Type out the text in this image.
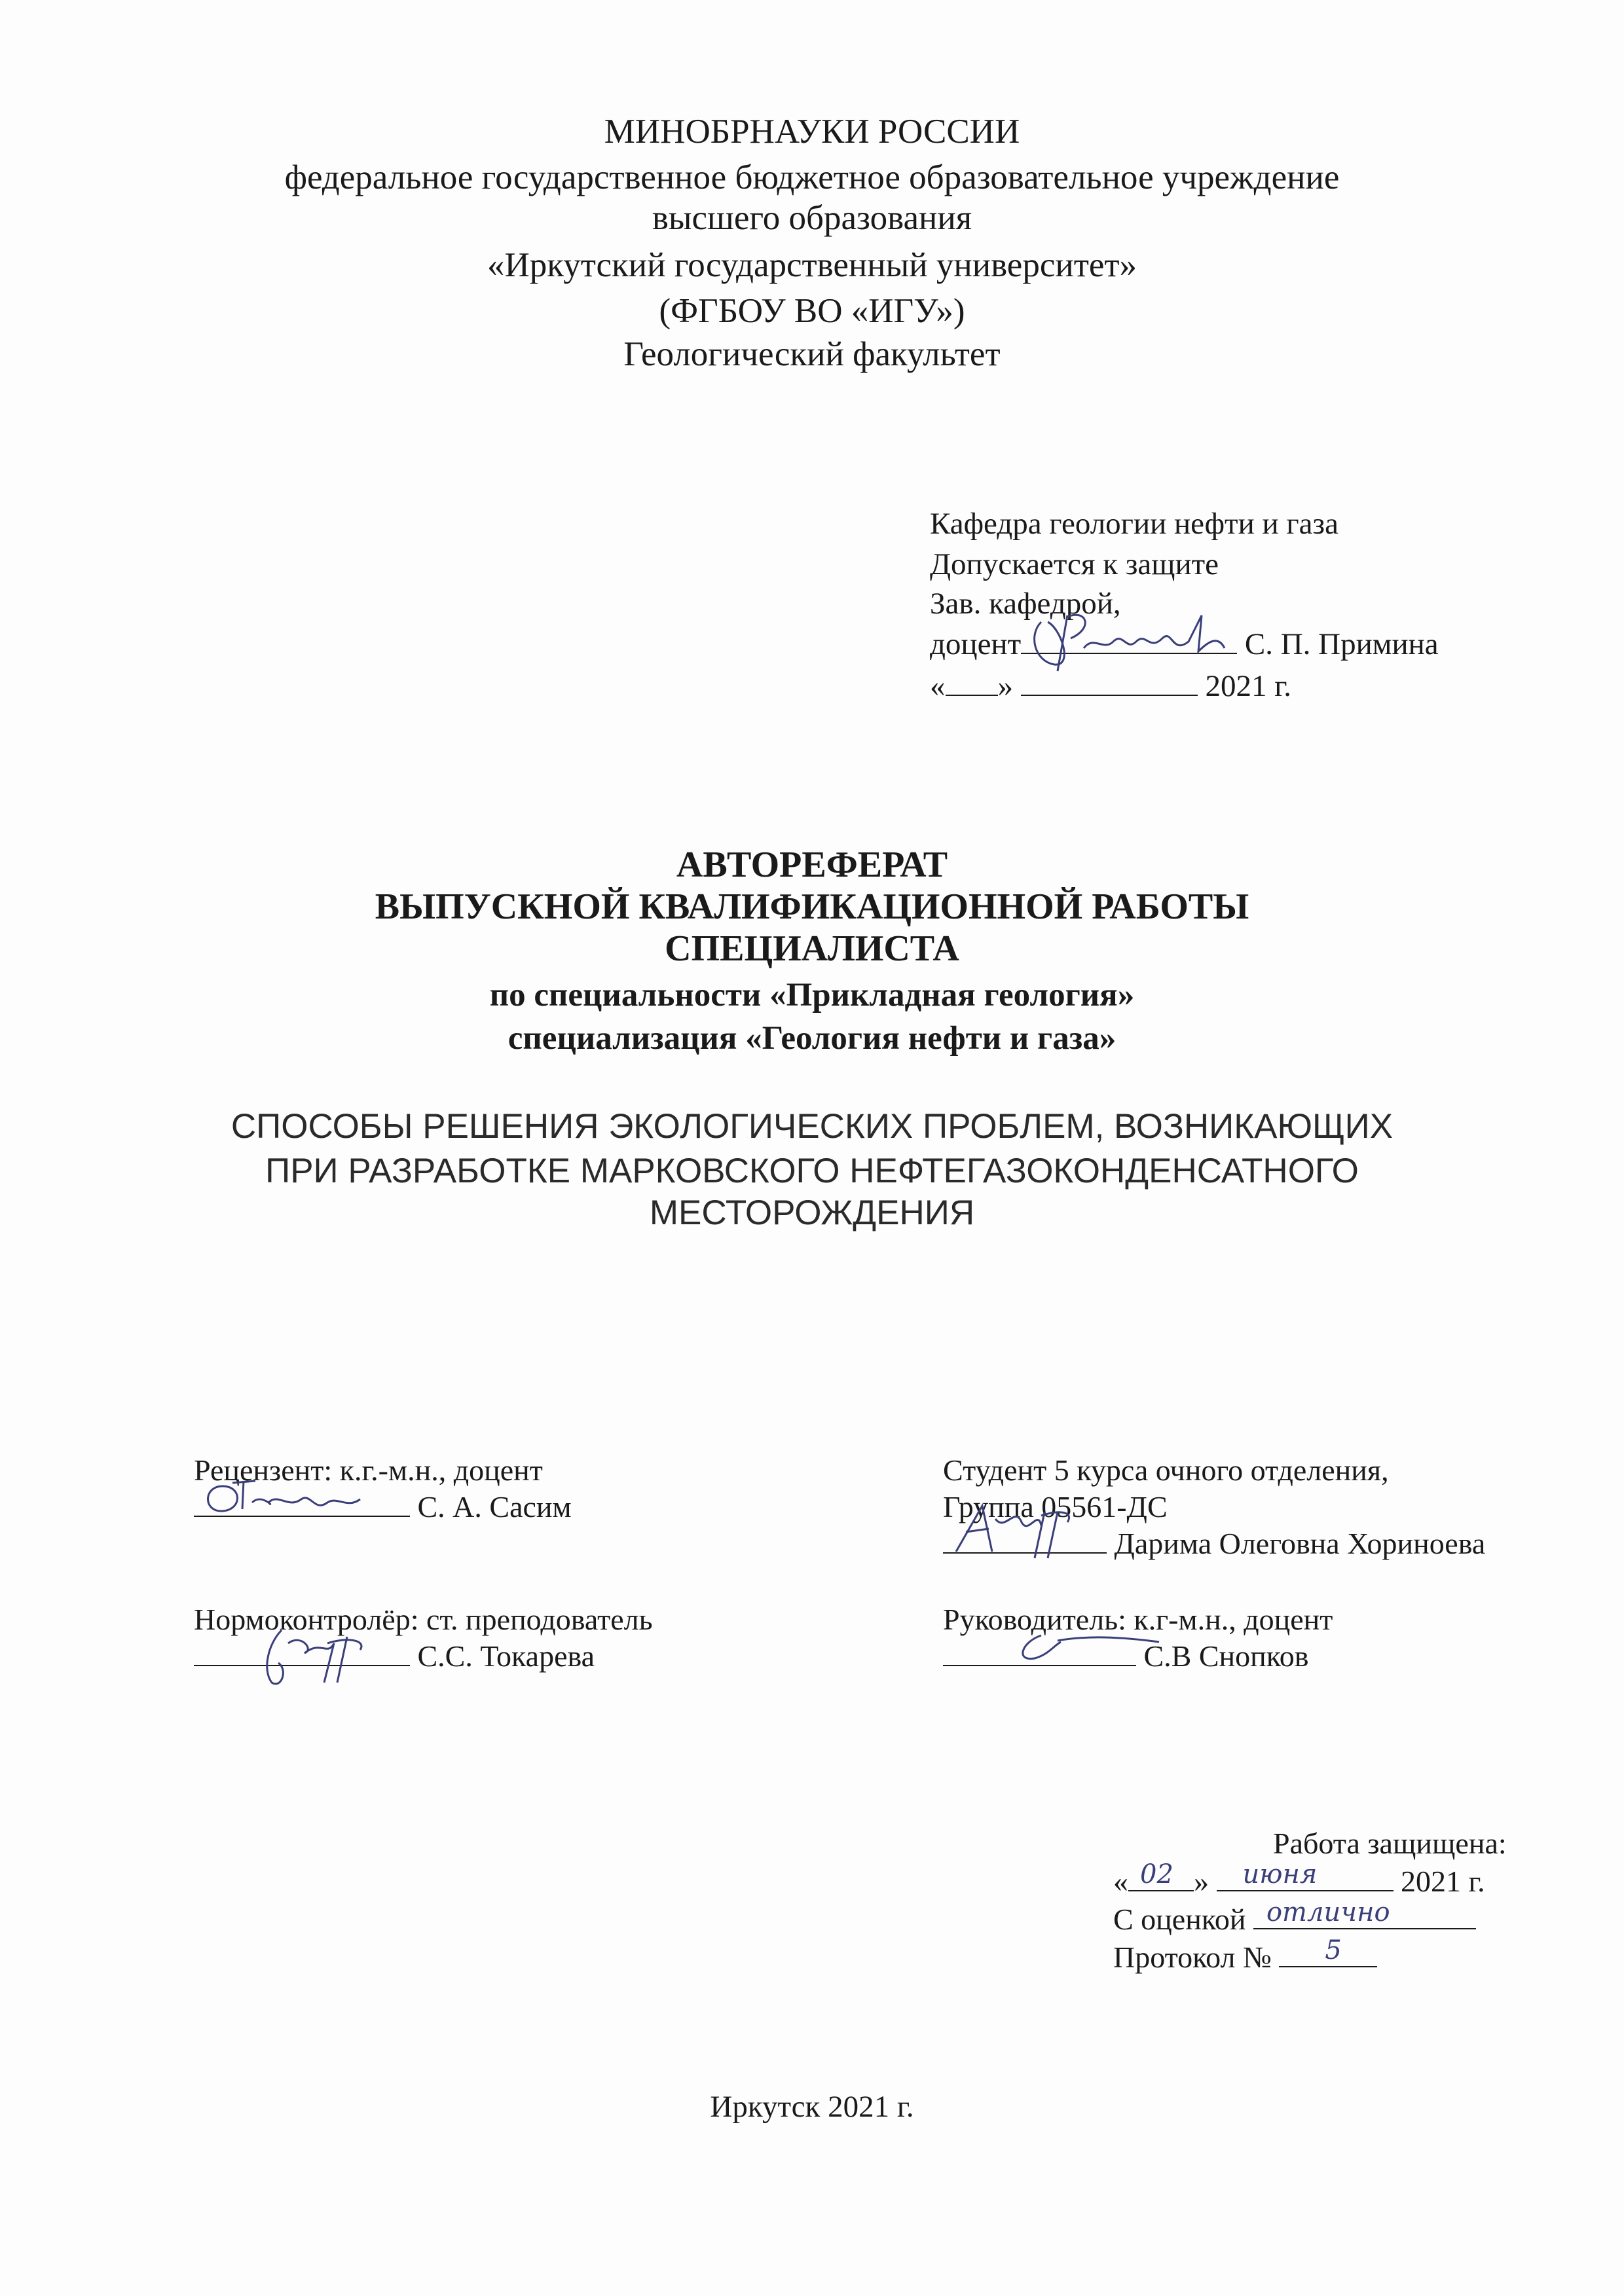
МИНОБРНАУКИ РОССИИ
федеральное государственное бюджетное образовательное учреждение
высшего образования
«Иркутский государственный университет»
(ФГБОУ ВО «ИГУ»)
Геологический факультет
Кафедра геологии нефти и газа
Допускается к защите
Зав. кафедрой,
доцент	С. П. Примина
« »	2021 г.
АВТОРЕФЕРАТ
ВЫПУСКНОЙ КВАЛИФИКАЦИОННОЙ РАБОТЫ
СПЕЦИАЛИСТА
по специальности «Прикладная геология»
специализация «Геология нефти и газа»
СПОСОБЫ РЕШЕНИЯ ЭКОЛОГИЧЕСКИХ ПРОБЛЕМ, ВОЗНИКАЮЩИХ
ПРИ РАЗРАБОТКЕ МАРКОВСКОГО НЕФТЕГАЗОКОНДЕНСАТНОГО
МЕСТОРОЖДЕНИЯ
Рецензент: к.г.-м.н., доцент
С. А. Сасим
Студент 5 курса очного отделения,
Группа 05561-ДС
Дарима Олеговна Хориноева
Нормоконтролёр: ст. преподователь
С.С. Токарева
Руководитель: к.г-м.н., доцент
С.В Снопков
Работа защищена:
« 02 » июня	2021 г.
С оценкой отлично
Протокол № 5
Иркутск 2021 г.
